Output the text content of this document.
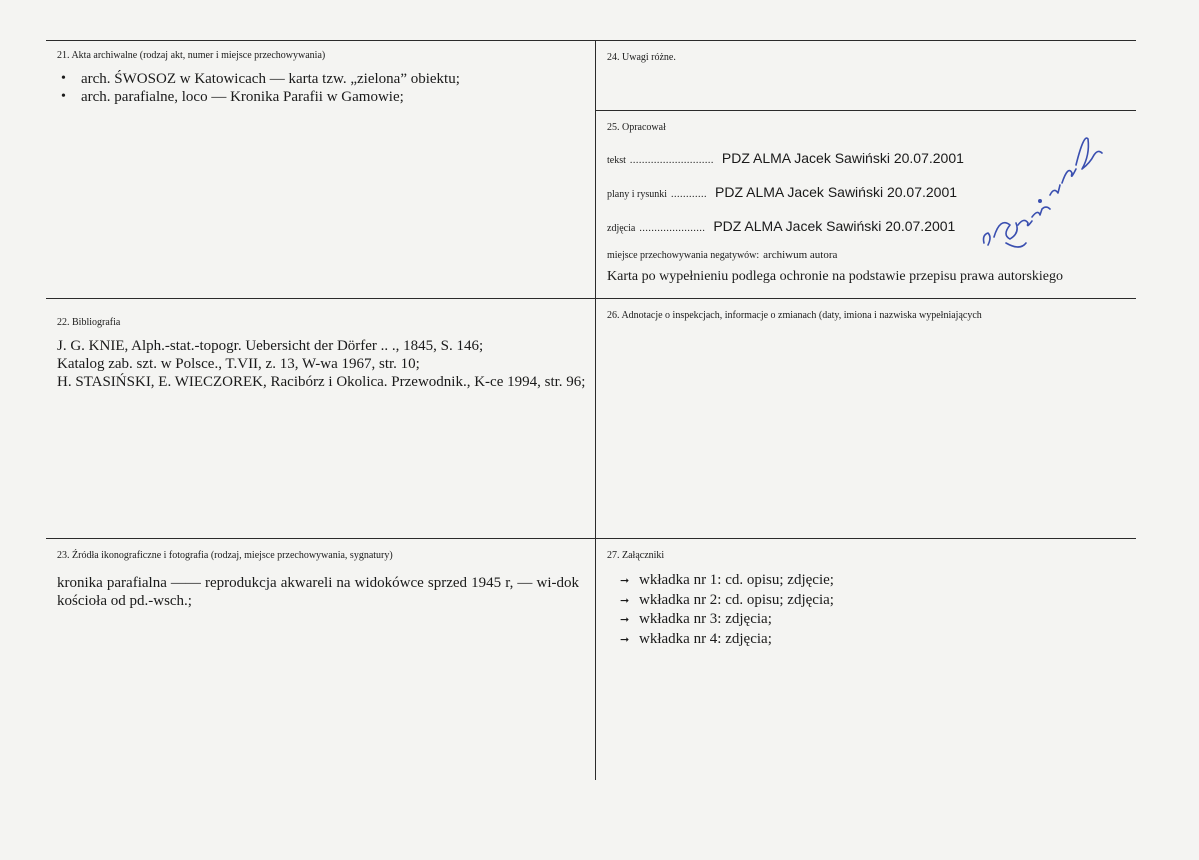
21. Akta archiwalne (rodzaj akt, numer i miejsce przechowywania)
• arch. ŚWOSOZ w Katowicach — karta tzw. „zielona” obiektu;
• arch. parafialne, loco — Kronika Parafii w Gamowie;
24. Uwagi różne.
25. Opracował
tekst ............................ PDZ ALMA Jacek Sawiński 20.07.2001
plany i rysunki ............ PDZ ALMA Jacek Sawiński 20.07.2001
zdjęcia ...................... PDZ ALMA Jacek Sawiński 20.07.2001
miejsce przechowywania negatywów: archiwum autora
Karta po wypełnieniu podlega ochronie na podstawie przepisu prawa autorskiego
22. Bibliografia

J. G. KNIE, Alph.-stat.-topogr. Uebersicht der Dörfer .. ., 1845, S. 146;

Katalog zab. szt. w Polsce., T.VII, z. 13, W-wa 1967, str. 10;

H. STASIŃSKI, E. WIECZOREK, Racibórz i Okolica. Przewodnik., K-ce 1994, str. 96;

26. Adnotacje o inspekcjach, informacje o zmianach (daty, imiona i nazwiska wypełniających
23. Źródła ikonograficzne i fotografia (rodzaj, miejsce przechowywania, sygnatury)
kronika parafialna —— reprodukcja akwareli na widokówce sprzed 1945 r, — wi-dok kościoła od pd.-wsch.;
27. Załączniki
➞ wkładka nr 1: cd. opisu; zdjęcie;
➞ wkładka nr 2: cd. opisu; zdjęcia;
➞ wkładka nr 3: zdjęcia;
➞ wkładka nr 4: zdjęcia;
